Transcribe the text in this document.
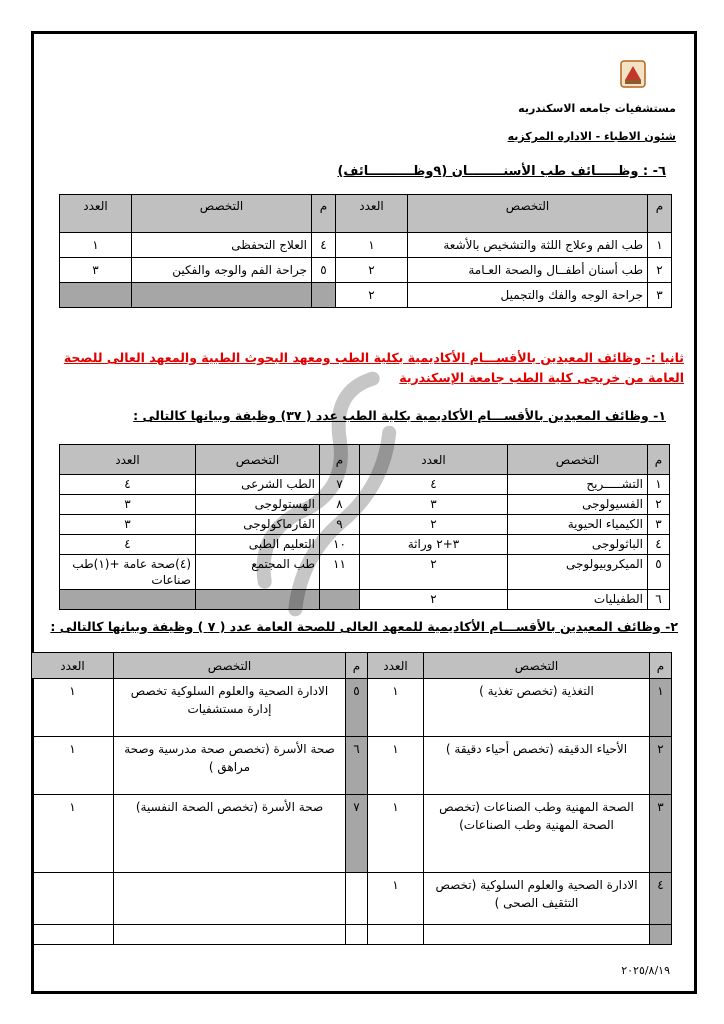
مستشفيات جامعه الاسكندريه
شئون الاطباء - الاداره المركزيه
٦- : وظـــــائف طب الأسنــــــــان (٩وظــــــــــائف)
م	التخصص	العدد	م	التخصص	العدد
١	طب الفم وعلاج اللثة والتشخيص بالأشعة	١	٤	العلاج التحفظى	١
٢	طب أسنان أطفــال والصحة العـامة	٢	٥	جراحة الفم والوجه والفكين	٣
٣	جراحة الوجه والفك والتجميل	٢			
ثانيا :- وظائف المعيدين بالأقســـام الأكاديمية بكلية الطب ومعهد البحوث الطبية والمعهد العالى للصحة العامة من خريجى كلية الطب جامعة الإسكندرية
١- وظائف المعيدين بالأقســـام الأكاديمية بكلية الطب عدد ( ٣٧) وظيفة وبيانها كالتالى :
م	التخصص	العدد	م	التخصص	العدد
١	التشـــــريح	٤	٧	الطب الشرعى	٤
٢	الفسيولوجى	٣	٨	الهستولوجى	٣
٣	الكيمياء الحيوية	٢	٩	الفارماكولوجى	٣
٤	الباثولوجى	٣+٢ وراثة	١٠	التعليم الطبى	٤
٥	الميكروبيولوجى	٢	١١	طب المجتمع	(٤)صحة عامة +(١)طب صناعات
٦	الطفيليات	٢			
٢- وظائف المعيدين بالأقســـام الأكاديمية للمعهد العالى للصحة العامة عدد ( ٧ ) وظيفة وبيانها كالتالى :
م	التخصص	العدد	م	التخصص	العدد
١	التغذية (تخصص تغذية )	١	٥	الادارة الصحية والعلوم السلوكية تخصص إدارة مستشفيات	١
٢	الأحياء الدقيقه (تخصص أحياء دقيقة )	١	٦	صحة الأسرة (تخصص صحة مدرسية وصحة مراهق )	١
٣	الصحة المهنية وطب الصناعات (تخصص الصحة المهنية وطب الصناعات)	١	٧	صحة الأسرة (تخصص الصحة النفسية)	١
٤	الادارة الصحية والعلوم السلوكية (تخصص التثقيف الصحى )	١			

٢٠٢٥/٨/١٩
